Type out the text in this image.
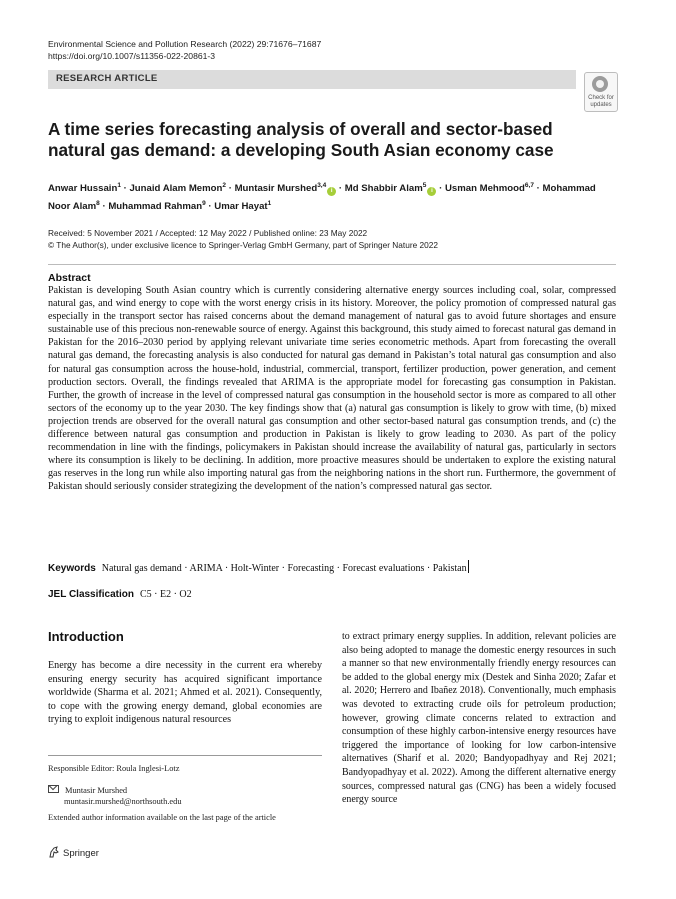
Environmental Science and Pollution Research (2022) 29:71676–71687
https://doi.org/10.1007/s11356-022-20861-3
RESEARCH ARTICLE
Check for
updates
A time series forecasting analysis of overall and sector-based natural gas demand: a developing South Asian economy case
Anwar Hussain$^1$ · Junaid Alam Memon$^2$ · Muntasir Murshed$^{3,4}$i · Md Shabbir Alam$^5$i · Usman Mehmood$^{6,7}$ · Mohammad Noor Alam$^8$ · Muhammad Rahman$^9$ · Umar Hayat$^1$
Received: 5 November 2021 / Accepted: 12 May 2022 / Published online: 23 May 2022
© The Author(s), under exclusive licence to Springer-Verlag GmbH Germany, part of Springer Nature 2022
Abstract

Pakistan is developing South Asian country which is currently considering alternative energy sources including coal, solar, compressed natural gas, and wind energy to cope with the worst energy crisis in its history. Moreover, the policy promotion of compressed natural gas especially in the transport sector has raised concerns about the demand management of natural gas to avoid future shortages and ensure sustainable use of this precious non-renewable source of energy. Against this background, this study aimed to forecast natural gas demand in Pakistan for the 2016–2030 period by applying relevant univariate time series econometric methods. Apart from forecasting the overall natural gas demand, the forecasting analysis is also conducted for natural gas demand in Pakistan’s total natural gas consumption and also for natural gas consumption across the house-hold, industrial, commercial, transport, fertilizer production, power generation, and cement production sectors. Overall, the findings revealed that ARIMA is the appropriate model for forecasting gas consumption in Pakistan. Further, the growth of increase in the level of compressed natural gas consumption in the household sector is more as compared to all other sectors of the economy up to the year 2030. The key findings show that (a) natural gas consumption is likely to grow with time, (b) mixed projection trends are observed for the overall natural gas consumption and other sector-based natural gas consumption trends, and (c) the difference between natural gas consumption and production in Pakistan is likely to grow leading to 2030. As part of the policy recommendation in line with the findings, policymakers in Pakistan should increase the availability of natural gas, particularly in sectors where its consumption is likely to be declining. In addition, more proactive measures should be undertaken to explore the existing natural gas reserves in the long run while also importing natural gas from the neighboring nations in the short run. Furthermore, the government of Pakistan should seriously consider strategizing the development of the nation’s compressed natural gas sector.

Keywords Natural gas demand · ARIMA · Holt-Winter · Forecasting · Forecast evaluations · Pakistan
JEL Classification C5 · E2 · O2
Introduction

Energy has become a dire necessity in the current era whereby ensuring energy security has acquired significant importance worldwide (Sharma et al. 2021; Ahmed et al. 2021). Consequently, to cope with the growing energy demand, global economies are trying to exploit indigenous natural resources

to extract primary energy supplies. In addition, relevant policies are also being adopted to manage the domestic energy resources in such a manner so that new environmentally friendly energy resources can be added to the global energy mix (Destek and Sinha 2020; Zafar et al. 2020; Herrero and Ibañez 2018). Conventionally, much emphasis was devoted to extracting crude oils for petroleum production; however, growing climate concerns related to extraction and consumption of these highly carbon-intensive energy resources have triggered the importance of looking for low carbon-intensive alternatives (Sharif et al. 2020; Bandyopadhyay and Rej 2021; Bandyopadhyay et al. 2022). Among the different alternative energy sources, compressed natural gas (CNG) has been a widely focused energy source

Responsible Editor: Roula Inglesi-Lotz
Muntasir Murshed
muntasir.murshed@northsouth.edu
Extended author information available on the last page of the article
Springer
